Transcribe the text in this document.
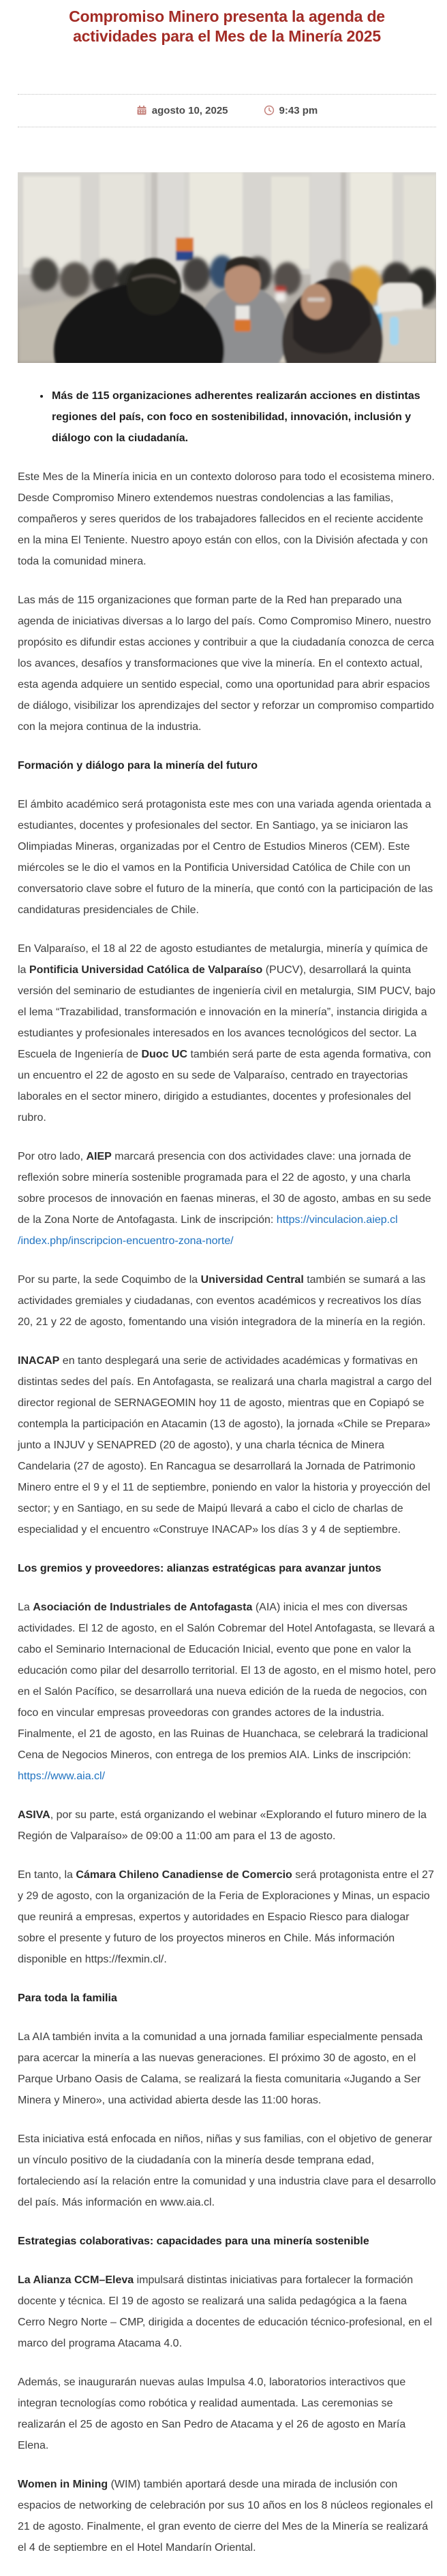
Compromiso Minero presenta la agenda de actividades para el Mes de la Minería 2025
agosto 10, 2025	9:43 pm
• Más de 115 organizaciones adherentes realizarán acciones en distintas regiones del país, con foco en sostenibilidad, innovación, inclusión y diálogo con la ciudadanía.

Este Mes de la Minería inicia en un contexto doloroso para todo el ecosistema minero. Desde Compromiso Minero extendemos nuestras condolencias a las familias, compañeros y seres queridos de los trabajadores fallecidos en el reciente accidente en la mina El Teniente. Nuestro apoyo están con ellos, con la División afectada y con toda la comunidad minera.

Las más de 115 organizaciones que forman parte de la Red han preparado una agenda de iniciativas diversas a lo largo del país. Como Compromiso Minero, nuestro propósito es difundir estas acciones y contribuir a que la ciudadanía conozca de cerca los avances, desafíos y transformaciones que vive la minería. En el contexto actual, esta agenda adquiere un sentido especial, como una oportunidad para abrir espacios de diálogo, visibilizar los aprendizajes del sector y reforzar un compromiso compartido con la mejora continua de la industria.

Formación y diálogo para la minería del futuro

El ámbito académico será protagonista este mes con una variada agenda orientada a estudiantes, docentes y profesionales del sector. En Santiago, ya se iniciaron las Olimpiadas Mineras, organizadas por el Centro de Estudios Mineros (CEM). Este miércoles se le dio el vamos en la Pontificia Universidad Católica de Chile con un conversatorio clave sobre el futuro de la minería, que contó con la participación de las candidaturas presidenciales de Chile.

En Valparaíso, el 18 al 22 de agosto estudiantes de metalurgia, minería y química de la Pontificia Universidad Católica de Valparaíso (PUCV), desarrollará la quinta versión del seminario de estudiantes de ingeniería civil en metalurgia, SIM PUCV, bajo el lema “Trazabilidad, transformación e innovación en la minería”, instancia dirigida a estudiantes y profesionales interesados en los avances tecnológicos del sector. La Escuela de Ingeniería de Duoc UC también será parte de esta agenda formativa, con un encuentro el 22 de agosto en su sede de Valparaíso, centrado en trayectorias laborales en el sector minero, dirigido a estudiantes, docentes y profesionales del rubro.

Por otro lado, AIEP marcará presencia con dos actividades clave: una jornada de reflexión sobre minería sostenible programada para el 22 de agosto, y una charla sobre procesos de innovación en faenas mineras, el 30 de agosto, ambas en su sede de la Zona Norte de Antofagasta. Link de inscripción: https://vinculacion.aiep.cl /index.php/inscripcion-encuentro-zona-norte/

Por su parte, la sede Coquimbo de la Universidad Central también se sumará a las actividades gremiales y ciudadanas, con eventos académicos y recreativos los días 20, 21 y 22 de agosto, fomentando una visión integradora de la minería en la región.

INACAP en tanto desplegará una serie de actividades académicas y formativas en distintas sedes del país. En Antofagasta, se realizará una charla magistral a cargo del director regional de SERNAGEOMIN hoy 11 de agosto, mientras que en Copiapó se contempla la participación en Atacamin (13 de agosto), la jornada «Chile se Prepara» junto a INJUV y SENAPRED (20 de agosto), y una charla técnica de Minera Candelaria (27 de agosto). En Rancagua se desarrollará la Jornada de Patrimonio Minero entre el 9 y el 11 de septiembre, poniendo en valor la historia y proyección del sector; y en Santiago, en su sede de Maipú llevará a cabo el ciclo de charlas de especialidad y el encuentro «Construye INACAP» los días 3 y 4 de septiembre.

Los gremios y proveedores: alianzas estratégicas para avanzar juntos

La Asociación de Industriales de Antofagasta (AIA) inicia el mes con diversas actividades. El 12 de agosto, en el Salón Cobremar del Hotel Antofagasta, se llevará a cabo el Seminario Internacional de Educación Inicial, evento que pone en valor la educación como pilar del desarrollo territorial. El 13 de agosto, en el mismo hotel, pero en el Salón Pacífico, se desarrollará una nueva edición de la rueda de negocios, con foco en vincular empresas proveedoras con grandes actores de la industria. Finalmente, el 21 de agosto, en las Ruinas de Huanchaca, se celebrará la tradicional Cena de Negocios Mineros, con entrega de los premios AIA. Links de inscripción: https://www.aia.cl/

ASIVA, por su parte, está organizando el webinar «Explorando el futuro minero de la Región de Valparaíso» de 09:00 a 11:00 am para el 13 de agosto.

En tanto, la Cámara Chileno Canadiense de Comercio será protagonista entre el 27 y 29 de agosto, con la organización de la Feria de Exploraciones y Minas, un espacio que reunirá a empresas, expertos y autoridades en Espacio Riesco para dialogar sobre el presente y futuro de los proyectos mineros en Chile. Más información disponible en https://fexmin.cl/.

Para toda la familia

La AIA también invita a la comunidad a una jornada familiar especialmente pensada para acercar la minería a las nuevas generaciones. El próximo 30 de agosto, en el Parque Urbano Oasis de Calama, se realizará la fiesta comunitaria «Jugando a Ser Minera y Minero», una actividad abierta desde las 11:00 horas.

Esta iniciativa está enfocada en niños, niñas y sus familias, con el objetivo de generar un vínculo positivo de la ciudadanía con la minería desde temprana edad, fortaleciendo así la relación entre la comunidad y una industria clave para el desarrollo del país. Más información en www.aia.cl.

Estrategias colaborativas: capacidades para una minería sostenible

La Alianza CCM–Eleva impulsará distintas iniciativas para fortalecer la formación docente y técnica. El 19 de agosto se realizará una salida pedagógica a la faena Cerro Negro Norte – CMP, dirigida a docentes de educación técnico-profesional, en el marco del programa Atacama 4.0.

Además, se inaugurarán nuevas aulas Impulsa 4.0, laboratorios interactivos que integran tecnologías como robótica y realidad aumentada. Las ceremonias se realizarán el 25 de agosto en San Pedro de Atacama y el 26 de agosto en María Elena.

Women in Mining (WIM) también aportará desde una mirada de inclusión con espacios de networking de celebración por sus 10 años en los 8 núcleos regionales el 21 de agosto. Finalmente, el gran evento de cierre del Mes de la Minería se realizará el 4 de septiembre en el Hotel Mandarín Oriental.
